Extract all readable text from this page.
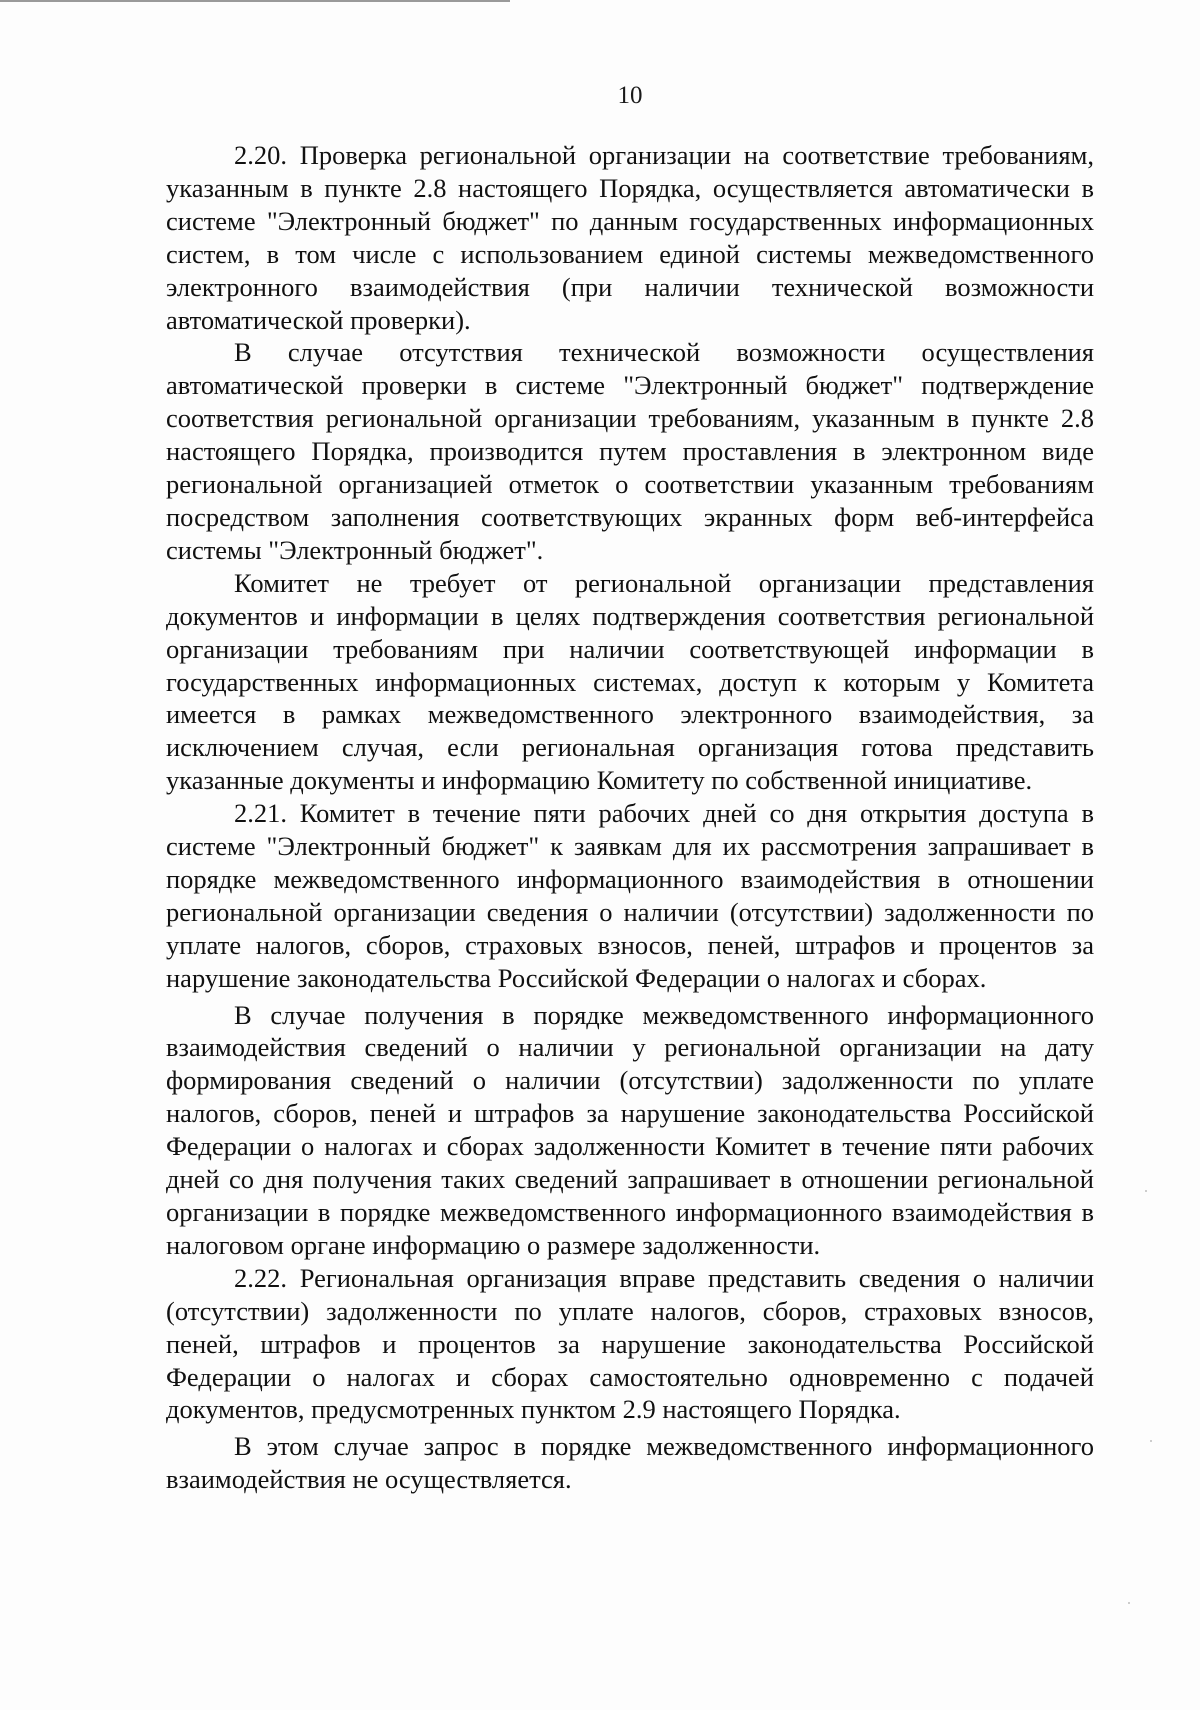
10

2.20. Проверка региональной организации на соответствие требованиям, указанным в пункте 2.8 настоящего Порядка, осуществляется автоматически в системе "Электронный бюджет" по данным государственных информационных систем, в том числе с использованием единой системы межведомственного электронного взаимодействия (при наличии технической возможности автоматической проверки).

В случае отсутствия технической возможности осуществления автоматической проверки в системе "Электронный бюджет" подтверждение соответствия региональной организации требованиям, указанным в пункте 2.8 настоящего Порядка, производится путем проставления в электронном виде региональной организацией отметок о соответствии указанным требованиям посредством заполнения соответствующих экранных форм веб-интерфейса системы "Электронный бюджет".

Комитет не требует от региональной организации представления документов и информации в целях подтверждения соответствия региональной организации требованиям при наличии соответствующей информации в государственных информационных системах, доступ к которым у Комитета имеется в рамках межведомственного электронного взаимодействия, за исключением случая, если региональная организация готова представить указанные документы и информацию Комитету по собственной инициативе.

2.21. Комитет в течение пяти рабочих дней со дня открытия доступа в системе "Электронный бюджет" к заявкам для их рассмотрения запрашивает в порядке межведомственного информационного взаимодействия в отношении региональной организации сведения о наличии (отсутствии) задолженности по уплате налогов, сборов, страховых взносов, пеней, штрафов и процентов за нарушение законодательства Российской Федерации о налогах и сборах.

В случае получения в порядке межведомственного информационного взаимодействия сведений о наличии у региональной организации на дату формирования сведений о наличии (отсутствии) задолженности по уплате налогов, сборов, пеней и штрафов за нарушение законодательства Российской Федерации о налогах и сборах задолженности Комитет в течение пяти рабочих дней со дня получения таких сведений запрашивает в отношении региональной организации в порядке межведомственного информационного взаимодействия в налоговом органе информацию о размере задолженности.

2.22. Региональная организация вправе представить сведения о наличии (отсутствии) задолженности по уплате налогов, сборов, страховых взносов, пеней, штрафов и процентов за нарушение законодательства Российской Федерации о налогах и сборах самостоятельно одновременно с подачей документов, предусмотренных пунктом 2.9 настоящего Порядка.

В этом случае запрос в порядке межведомственного информационного взаимодействия не осуществляется.
